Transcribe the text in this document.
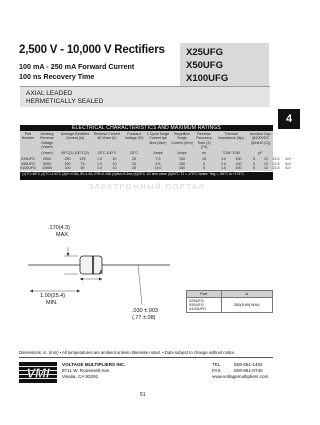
2,500 V - 10,000 V Rectifiers
100 mA - 250 mA Forward Current
100 ns Recovery Time
X25UFG
X50UFG
X100UFG
AXIAL LEADED
HERMETICALLY SEALED
4
ELECTRICAL CHARACTERISTICS AND MAXIMUM RATINGS
Part Number
Working Reverse Voltage (Vrwm)
Average Rectified Current (Io)
Reverse Current @ Vrwm (Ir)
Forward Voltage (Vf)
1 Cycle Surge Current Ipk 8ms (Ifsm)
Repetitive Surge Current (Ifrm)
Reverse Recovery Time (3) (Trr)
Thermal Impedance (θjc)
Junction Cap. @100VDC @1kHZ (Cj)
(Vrwm)	55°C(1) 100°C(2)	25°C 100°C	25°C	Amps	Amps	ns	°C/W °C/W	pF
X25UFG	2500	250	125	1.0	10	25	7.5	150	15	3.0	100	5	12	21.5	6.0
X50UFG	5000	150	75	1.0	10	25	9.5	100	5	2.0	100	5	12	21.5	6.0
X100UFG	10000	100	50	1.0	10	25	14.0	100	5	1.0	100	5	12	21.5	6.0
(1)TC=55°C (2)TC=100°C (3)IF=0.5A, IR=1.0A, IRR=0.25A (4)Ifsm 8.3ms (5)25°C 1/2 sine wave (6)50°C TJ = 175°C Notes: Tstg = -55°C to +175°C
ЭЛЕКТРОННЫЙ ПОРТАЛ
.170(4.3)
MAX.
A
1.00(25.4)
MIN.
.030 ±.003
(.77 ±.08)
Part	A

X25UFG
X50UFG
X100UFG	.350(8.89) MAX.
Dimensions: in. (mm) • All temperatures are ambient unless otherwise noted. • Data subject to change without notice.
VMI
VOLTAGE MULTIPLIERS INC.
8711 W. Roosevelt Ave.
Visalia, CA 93291
TEL	559-651-1402
FAX	559-651-0740
www.voltagemultipliers.com
51
